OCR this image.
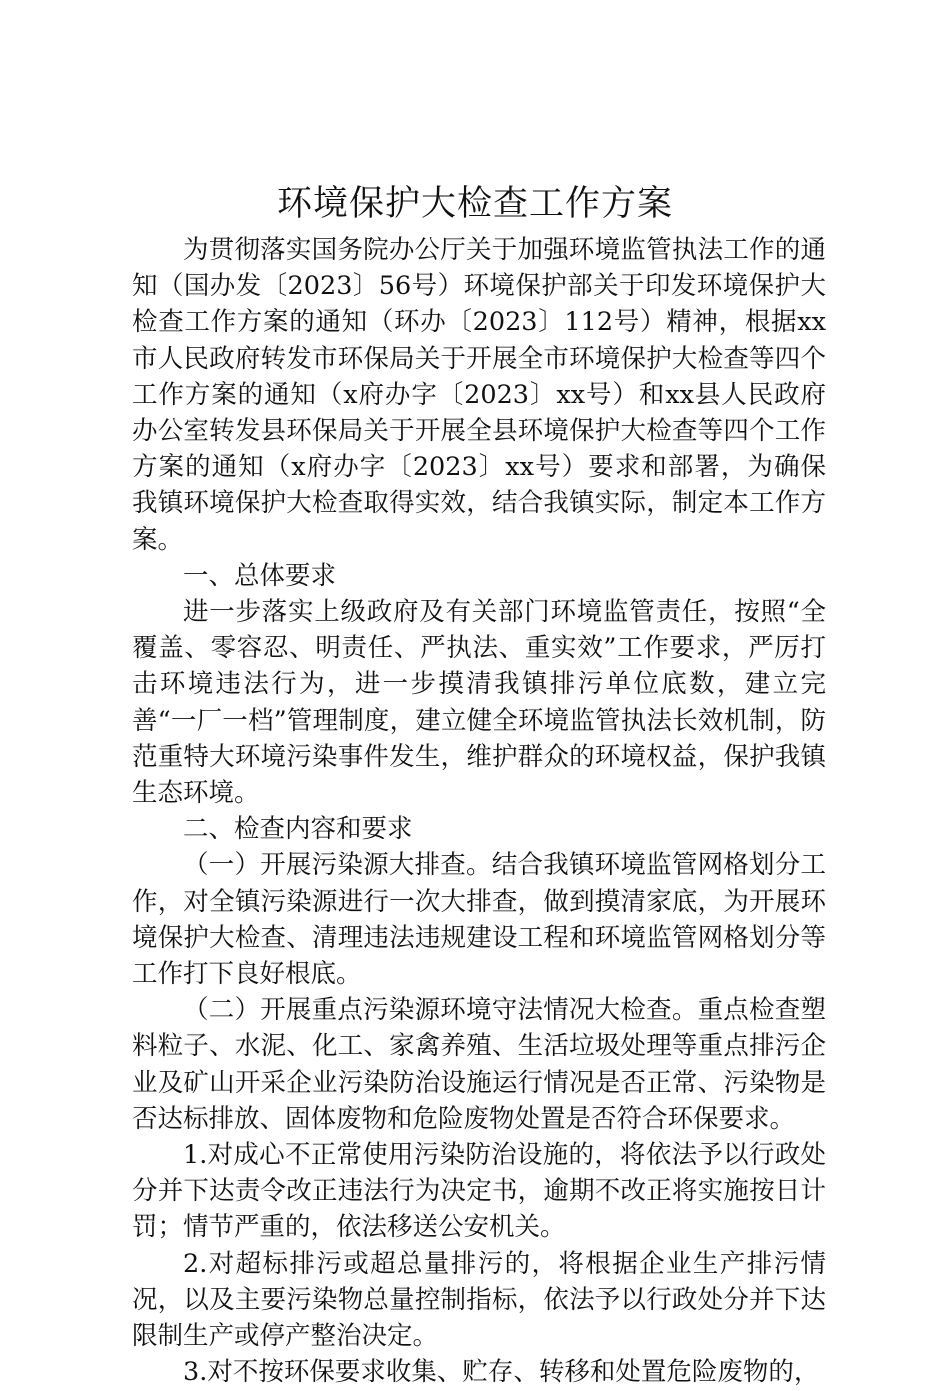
环境保护大检查工作方案

为贯彻落实国务院办公厅关于加强环境监管执法工作的通知（国办发〔2023〕56号）环境保护部关于印发环境保护大检查工作方案的通知（环办〔2023〕112号）精神，根据xx市人民政府转发市环保局关于开展全市环境保护大检查等四个工作方案的通知（x府办字〔2023〕xx号）和xx县人民政府办公室转发县环保局关于开展全县环境保护大检查等四个工作方案的通知（x府办字〔2023〕xx号）要求和部署，为确保我镇环境保护大检查取得实效，结合我镇实际，制定本工作方案。

一、总体要求

进一步落实上级政府及有关部门环境监管责任，按照“全覆盖、零容忍、明责任、严执法、重实效”工作要求，严厉打击环境违法行为，进一步摸清我镇排污单位底数，建立完善“一厂一档”管理制度，建立健全环境监管执法长效机制，防范重特大环境污染事件发生，维护群众的环境权益，保护我镇生态环境。

二、检查内容和要求

（一）开展污染源大排查。结合我镇环境监管网格划分工作，对全镇污染源进行一次大排查，做到摸清家底，为开展环境保护大检查、清理违法违规建设工程和环境监管网格划分等工作打下良好根底。

（二）开展重点污染源环境守法情况大检查。重点检查塑料粒子、水泥、化工、家禽养殖、生活垃圾处理等重点排污企业及矿山开采企业污染防治设施运行情况是否正常、污染物是否达标排放、固体废物和危险废物处置是否符合环保要求。

1.对成心不正常使用污染防治设施的，将依法予以行政处分并下达责令改正违法行为决定书，逾期不改正将实施按日计罚；情节严重的，依法移送公安机关。

2.对超标排污或超总量排污的，将根据企业生产排污情况，以及主要污染物总量控制指标，依法予以行政处分并下达限制生产或停产整治决定。

3.对不按环保要求收集、贮存、转移和处置危险废物的，
